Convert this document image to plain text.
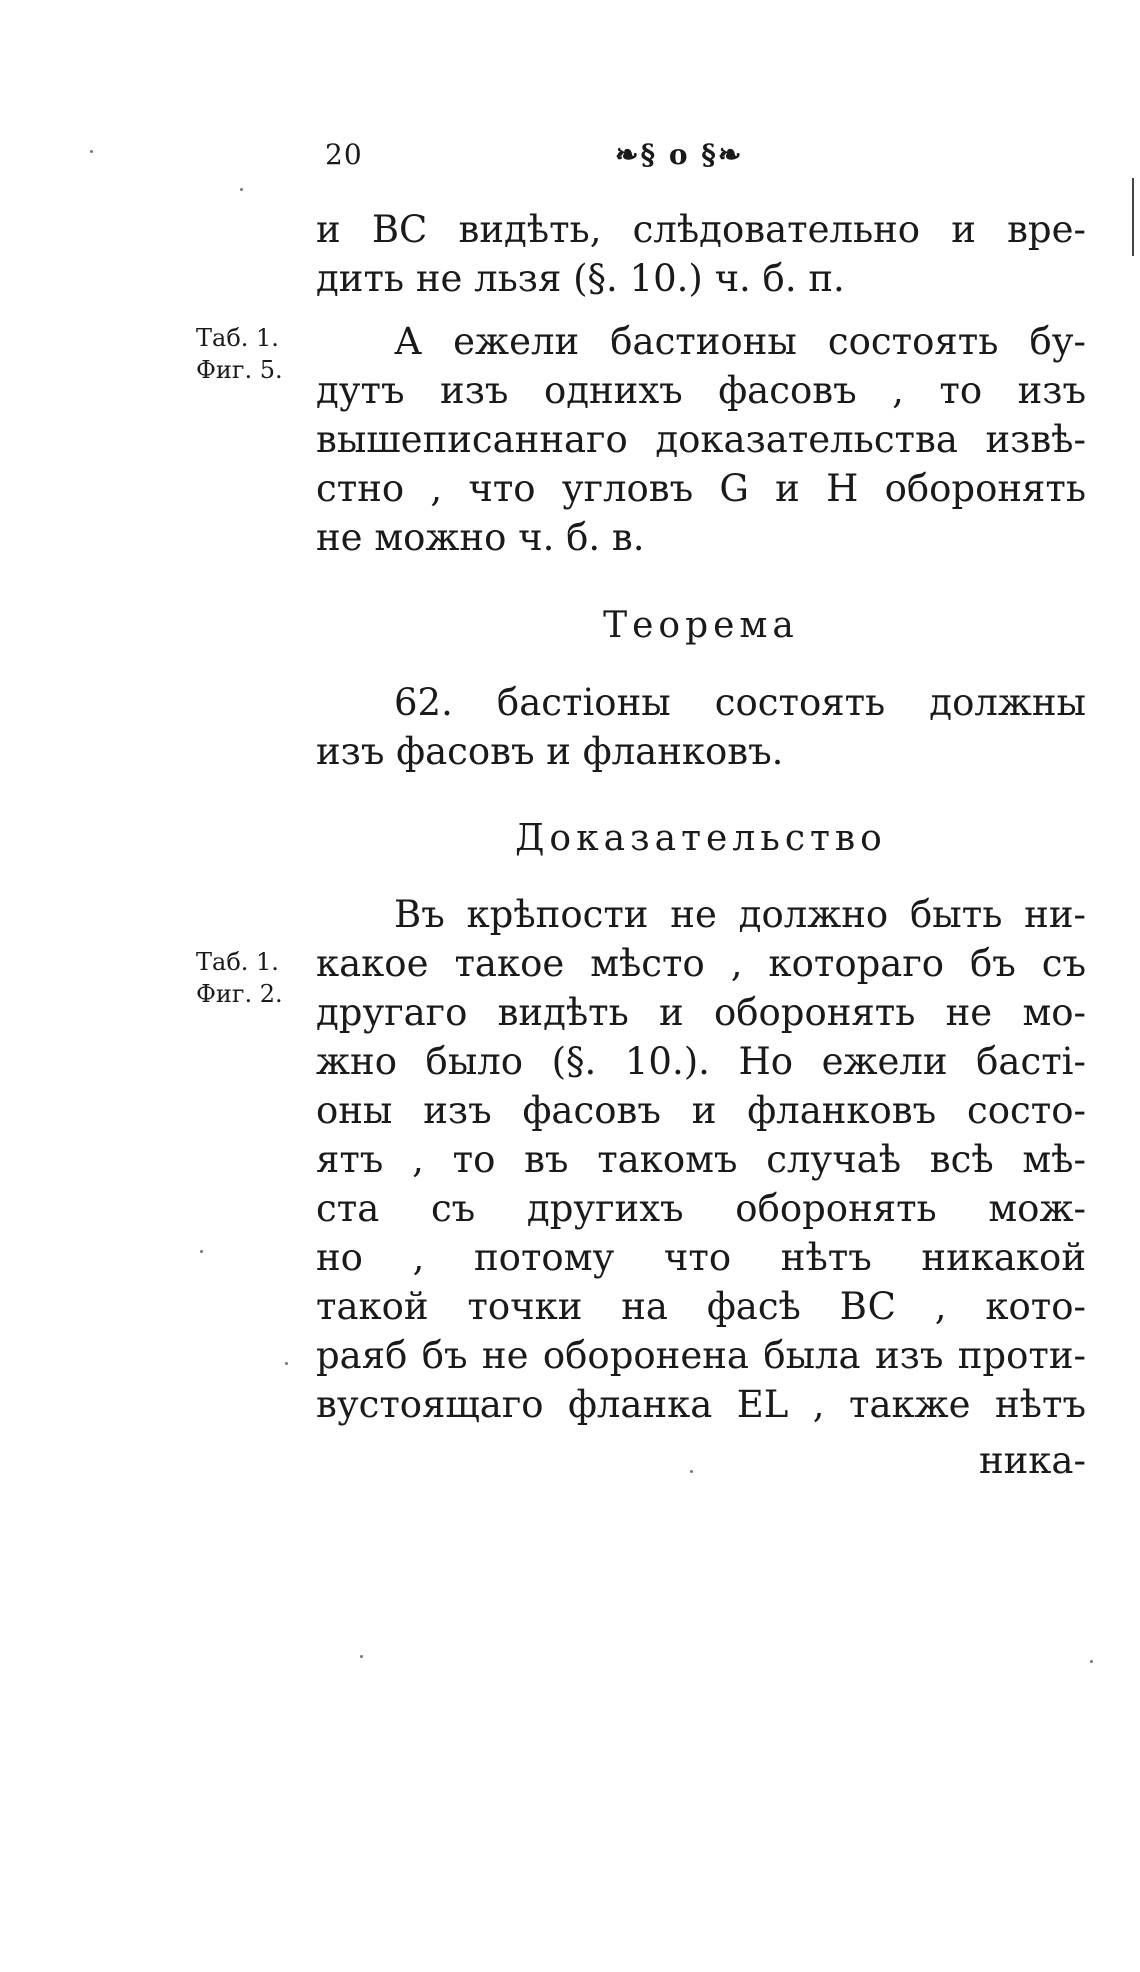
20	❧§ o §❧
и ВС видѣть, слѣдовательно и вре-
дить не льзя (§. 10.) ч. б. п.
Таб. 1.
Фиг. 5.
А ежели бастионы состоять бу-
дутъ изъ однихъ фасовъ , то изъ
вышеписаннаго доказательства извѣ-
стно , что угловъ G и H оборонять
не можно ч. б. в.
Теорема
62. бастіоны состоять должны
изъ фасовъ и фланковъ.
Доказательство
Таб. 1.
Фиг. 2.
Въ крѣпости не должно быть ни-
какое такое мѣсто , котораго бъ съ
другаго видѣть и оборонять не мо-
жно было (§. 10.). Но ежели басті-
оны изъ фасовъ и фланковъ состо-
ятъ , то въ такомъ случаѣ всѣ мѣ-
ста съ другихъ оборонять мож-
но , потому что нѣтъ никакой
такой точки на фасѣ BC , кото-
раяб бъ не оборонена была изъ проти-
вустоящаго фланка EL , также нѣтъ
ника-
